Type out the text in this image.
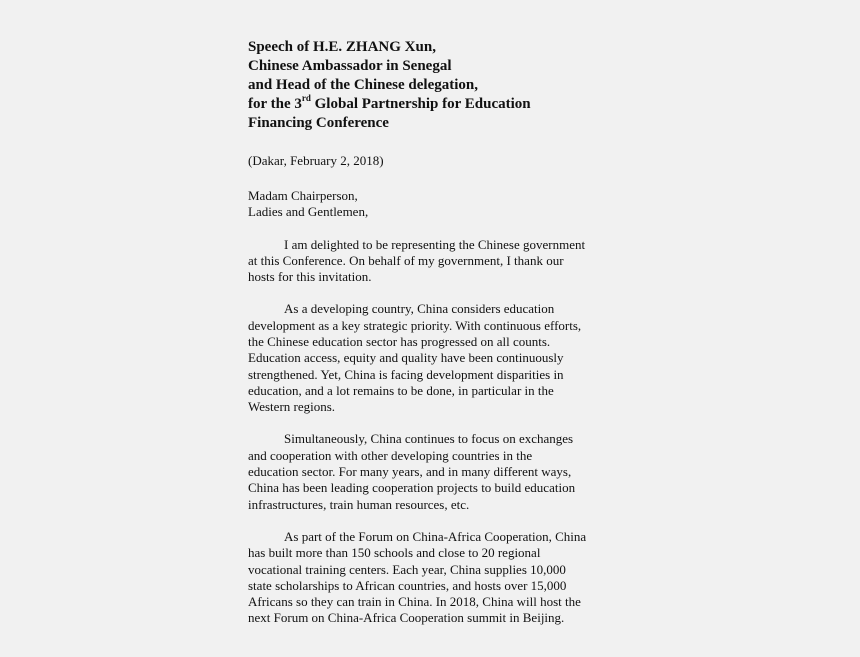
Speech of H.E. ZHANG Xun,
Chinese Ambassador in Senegal
and Head of the Chinese delegation,
for the 3rd Global Partnership for Education
Financing Conference

(Dakar, February 2, 2018)

Madam Chairperson,

Ladies and Gentlemen,

I am delighted to be representing the Chinese government
at this Conference. On behalf of my government, I thank our
hosts for this invitation.

As a developing country, China considers education
development as a key strategic priority. With continuous efforts,
the Chinese education sector has progressed on all counts.
Education access, equity and quality have been continuously
strengthened. Yet, China is facing development disparities in
education, and a lot remains to be done, in particular in the
Western regions.

Simultaneously, China continues to focus on exchanges
and cooperation with other developing countries in the
education sector. For many years, and in many different ways,
China has been leading cooperation projects to build education
infrastructures, train human resources, etc.

As part of the Forum on China-Africa Cooperation, China
has built more than 150 schools and close to 20 regional
vocational training centers. Each year, China supplies 10,000
state scholarships to African countries, and hosts over 15,000
Africans so they can train in China. In 2018, China will host the
next Forum on China-Africa Cooperation summit in Beijing.
